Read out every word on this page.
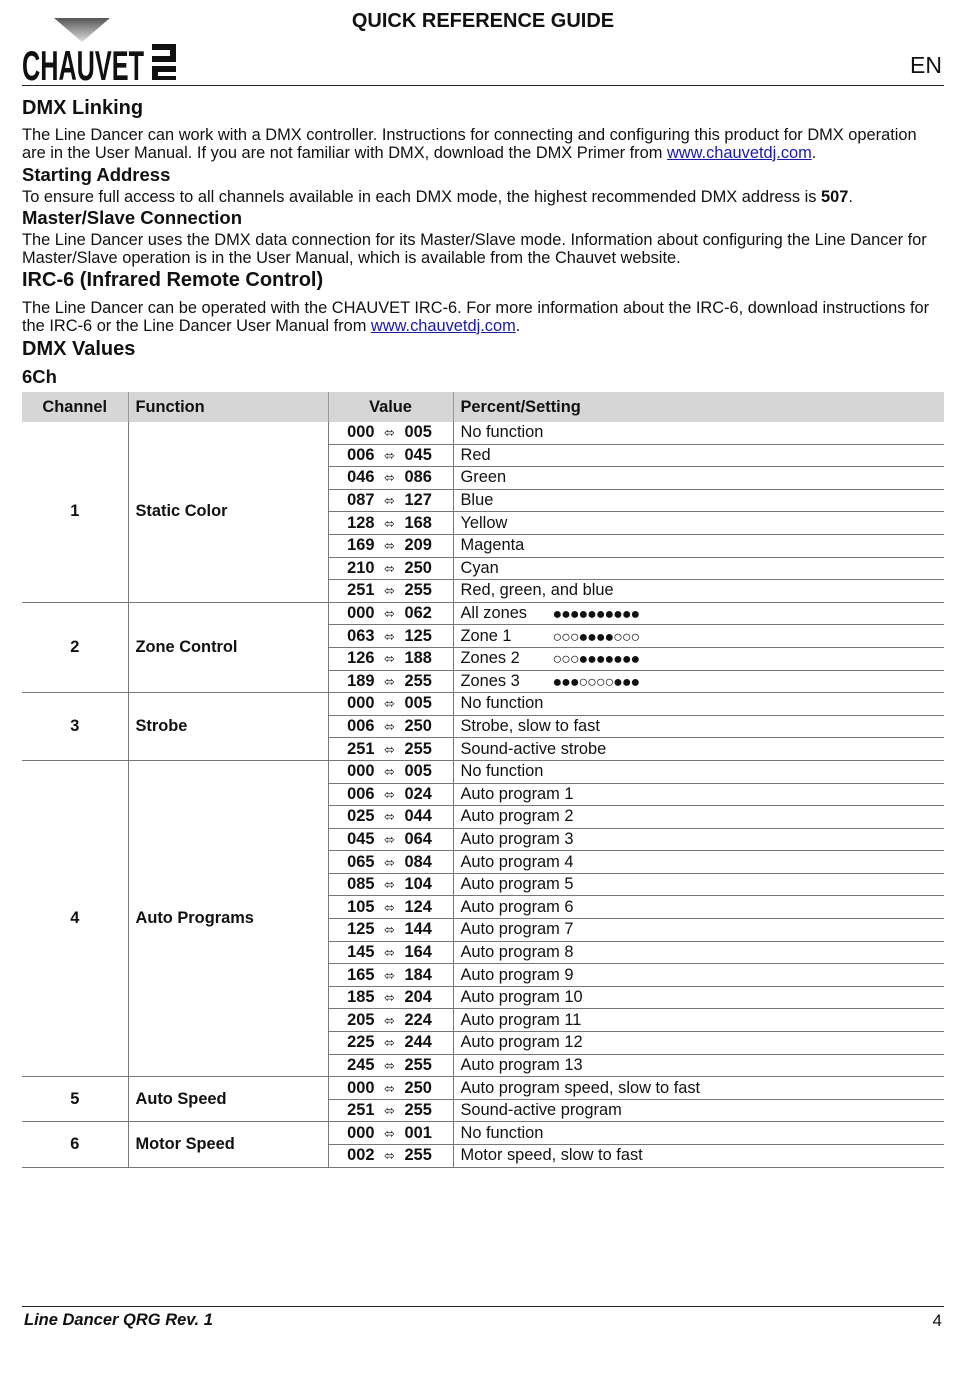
CHAUVET
QUICK REFERENCE GUIDE
EN
DMX Linking

The Line Dancer can work with a DMX controller. Instructions for connecting and configuring this product for DMX operation are in the User Manual. If you are not familiar with DMX, download the DMX Primer from www.chauvetdj.com.

Starting Address

To ensure full access to all channels available in each DMX mode, the highest recommended DMX address is 507.

Master/Slave Connection

The Line Dancer uses the DMX data connection for its Master/Slave mode. Information about configuring the Line Dancer for Master/Slave operation is in the User Manual, which is available from the Chauvet website.

IRC-6 (Infrared Remote Control)

The Line Dancer can be operated with the CHAUVET IRC-6. For more information about the IRC-6, download instructions for the IRC-6 or the Line Dancer User Manual from www.chauvetdj.com.

DMX Values
6Ch
Channel	Function	Value	Percent/Setting
1	Static Color	000 ⬄ 005	No function
		006 ⬄ 045	Red
		046 ⬄ 086	Green
		087 ⬄ 127	Blue
		128 ⬄ 168	Yellow
		169 ⬄ 209	Magenta
		210 ⬄ 250	Cyan
		251 ⬄ 255	Red, green, and blue
2	Zone Control	000 ⬄ 062	All zones ●●●●●●●●●●
		063 ⬄ 125	Zone 1 ○○○●●●●○○○
		126 ⬄ 188	Zones 2 ○○○●●●●●●●
		189 ⬄ 255	Zones 3 ●●●○○○○●●●
3	Strobe	000 ⬄ 005	No function
		006 ⬄ 250	Strobe, slow to fast
		251 ⬄ 255	Sound-active strobe
4	Auto Programs	000 ⬄ 005	No function
		006 ⬄ 024	Auto program 1
		025 ⬄ 044	Auto program 2
		045 ⬄ 064	Auto program 3
		065 ⬄ 084	Auto program 4
		085 ⬄ 104	Auto program 5
		105 ⬄ 124	Auto program 6
		125 ⬄ 144	Auto program 7
		145 ⬄ 164	Auto program 8
		165 ⬄ 184	Auto program 9
		185 ⬄ 204	Auto program 10
		205 ⬄ 224	Auto program 11
		225 ⬄ 244	Auto program 12
		245 ⬄ 255	Auto program 13
5	Auto Speed	000 ⬄ 250	Auto program speed, slow to fast
		251 ⬄ 255	Sound-active program
6	Motor Speed	000 ⬄ 001	No function
		002 ⬄ 255	Motor speed, slow to fast
Line Dancer QRG Rev. 1	4
